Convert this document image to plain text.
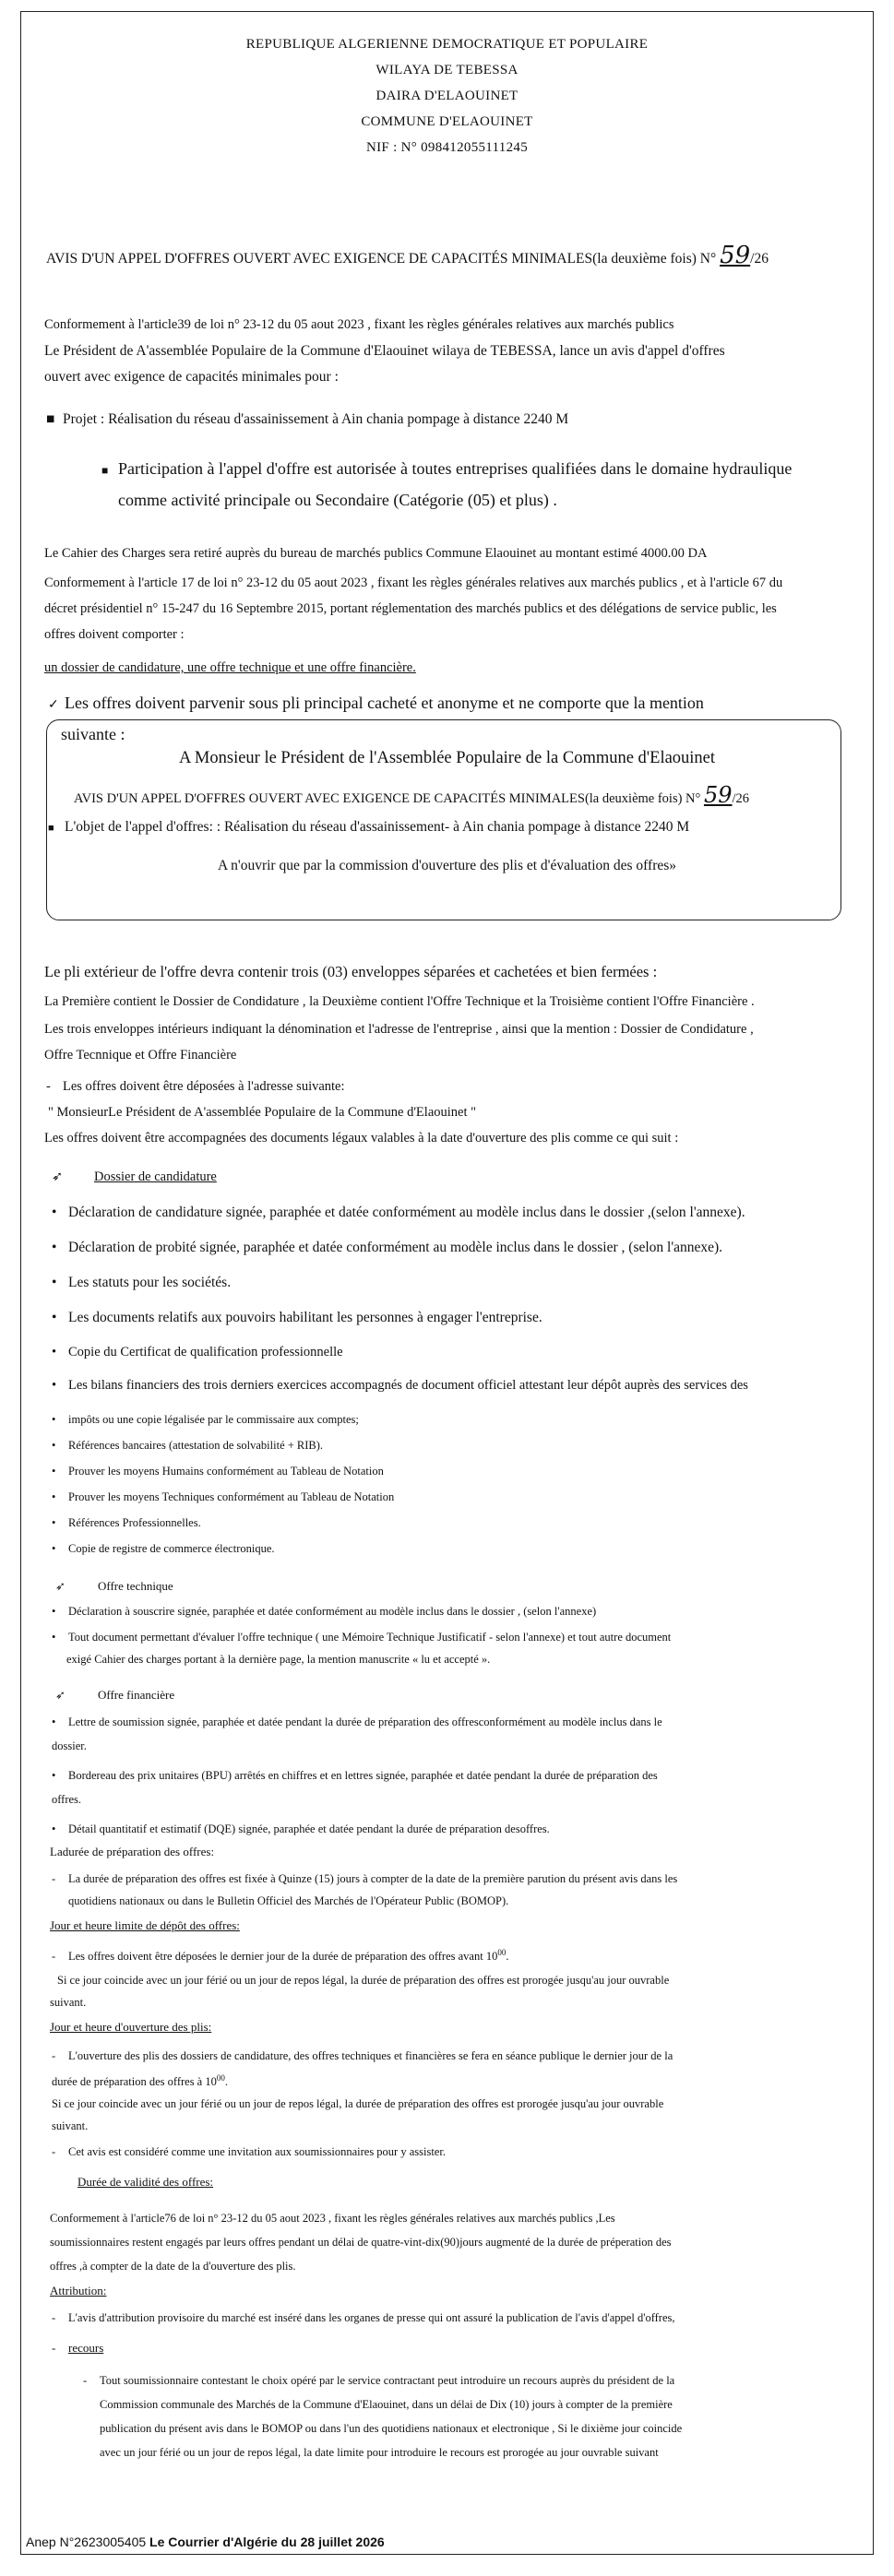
REPUBLIQUE ALGERIENNE DEMOCRATIQUE ET POPULAIRE

WILAYA DE TEBESSA

DAIRA D'ELAOUINET

COMMUNE D'ELAOUINET

NIF : N° 098412055111245

AVIS D'UN APPEL D'OFFRES OUVERT AVEC EXIGENCE DE CAPACITÉS MINIMALES(la deuxième fois) N° 59/26

Conformement à l'article39 de loi n° 23-12 du 05 aout 2023 , fixant les règles générales relatives aux marchés publics

Le Président de A'assemblée Populaire de la Commune d'Elaouinet wilaya de TEBESSA, lance un avis d'appel d'offres

ouvert avec exigence de capacités minimales pour :

■ Projet : Réalisation du réseau d'assainissement à Ain chania pompage à distance 2240 M

■ Participation à l'appel d'offre est autorisée à toutes entreprises qualifiées dans le domaine hydraulique

comme activité principale ou Secondaire (Catégorie (05) et plus) .

Le Cahier des Charges sera retiré auprès du bureau de marchés publics Commune Elaouinet au montant estimé 4000.00 DA

Conformement à l'article 17 de loi n° 23-12 du 05 aout 2023 , fixant les règles générales relatives aux marchés publics , et à l'article 67 du

décret présidentiel n° 15-247 du 16 Septembre 2015, portant réglementation des marchés publics et des délégations de service public, les

offres doivent comporter :

un dossier de candidature, une offre technique et une offre financière.

✓ Les offres doivent parvenir sous pli principal cacheté et anonyme et ne comporte que la mention

suivante :

A Monsieur le Président de l'Assemblée Populaire de la Commune d'Elaouinet

AVIS D'UN APPEL D'OFFRES OUVERT AVEC EXIGENCE DE CAPACITÉS MINIMALES(la deuxième fois) N° 59/26

■ L'objet de l'appel d'offres: : Réalisation du réseau d'assainissement- à Ain chania pompage à distance 2240 M

A n'ouvrir que par la commission d'ouverture des plis et d'évaluation des offres»

Le pli extérieur de l'offre devra contenir trois (03) enveloppes séparées et cachetées et bien fermées :

La Première contient le Dossier de Condidature , la Deuxième contient l'Offre Technique et la Troisième contient l'Offre Financière .

Les trois enveloppes intérieurs indiquant la dénomination et l'adresse de l'entreprise , ainsi que la mention : Dossier de Condidature ,

Offre Tecnnique et Offre Financière

- Les offres doivent être déposées à l'adresse suivante:

" MonsieurLe Président de A'assemblée Populaire de la Commune d'Elaouinet "

Les offres doivent être accompagnées des documents légaux valables à la date d'ouverture des plis comme ce qui suit :

➶ Dossier de candidature

• Déclaration de candidature signée, paraphée et datée conformément au modèle inclus dans le dossier ,(selon l'annexe).

• Déclaration de probité signée, paraphée et datée conformément au modèle inclus dans le dossier , (selon l'annexe).

• Les statuts pour les sociétés.

• Les documents relatifs aux pouvoirs habilitant les personnes à engager l'entreprise.

• Copie du Certificat de qualification professionnelle

• Les bilans financiers des trois derniers exercices accompagnés de document officiel attestant leur dépôt auprès des services des

• impôts ou une copie légalisée par le commissaire aux comptes;

• Références bancaires (attestation de solvabilité + RIB).

• Prouver les moyens Humains conformément au Tableau de Notation

• Prouver les moyens Techniques conformément au Tableau de Notation

• Références Professionnelles.

• Copie de registre de commerce électronique.

➶	Offre technique

• Déclaration à souscrire signée, paraphée et datée conformément au modèle inclus dans le dossier , (selon l'annexe)

• Tout document permettant d'évaluer l'offre technique ( une Mémoire Technique Justificatif - selon l'annexe) et tout autre document

exigé Cahier des charges portant à la dernière page, la mention manuscrite « lu et accepté ».

➶	Offre financière

• Lettre de soumission signée, paraphée et datée pendant la durée de préparation des offresconformément au modèle inclus dans le

dossier.

• Bordereau des prix unitaires (BPU) arrêtés en chiffres et en lettres signée, paraphée et datée pendant la durée de préparation des

offres.

• Détail quantitatif et estimatif (DQE) signée, paraphée et datée pendant la durée de préparation desoffres.

Ladurée de préparation des offres:

- La durée de préparation des offres est fixée à Quinze (15) jours à compter de la date de la première parution du présent avis dans les

quotidiens nationaux ou dans le Bulletin Officiel des Marchés de l'Opérateur Public (BOMOP).

Jour et heure limite de dépôt des offres:

- Les offres doivent être déposées le dernier jour de la durée de préparation des offres avant $10^{00}$.

Si ce jour coincide avec un jour férié ou un jour de repos légal, la durée de préparation des offres est prorogée jusqu'au jour ouvrable

suivant.

Jour et heure d'ouverture des plis:

- L'ouverture des plis des dossiers de candidature, des offres techniques et financières se fera en séance publique le dernier jour de la

durée de préparation des offres à $10^{00}$.

Si ce jour coincide avec un jour férié ou un jour de repos légal, la durée de préparation des offres est prorogée jusqu'au jour ouvrable

suivant.

- Cet avis est considéré comme une invitation aux soumissionnaires pour y assister.

Durée de validité des offres:

Conformement à l'article76 de loi n° 23-12 du 05 aout 2023 , fixant les règles générales relatives aux marchés publics ,Les

soumissionnaires restent engagés par leurs offres pendant un délai de quatre-vint-dix(90)jours augmenté de la durée de préperation des

offres ,à compter de la date de la d'ouverture des plis.

Attribution:

- L'avis d'attribution provisoire du marché est inséré dans les organes de presse qui ont assuré la publication de l'avis d'appel d'offres,

- recours

- Tout soumissionnaire contestant le choix opéré par le service contractant peut introduire un recours auprès du président de la

Commission communale des Marchés de la Commune d'Elaouinet, dans un délai de Dix (10) jours à compter de la première

publication du présent avis dans le BOMOP ou dans l'un des quotidiens nationaux et electronique , Si le dixième jour coincide

avec un jour férié ou un jour de repos légal, la date limite pour introduire le recours est prorogée au jour ouvrable suivant

Anep N°2623005405 Le Courrier d'Algérie du 28 juillet 2026
